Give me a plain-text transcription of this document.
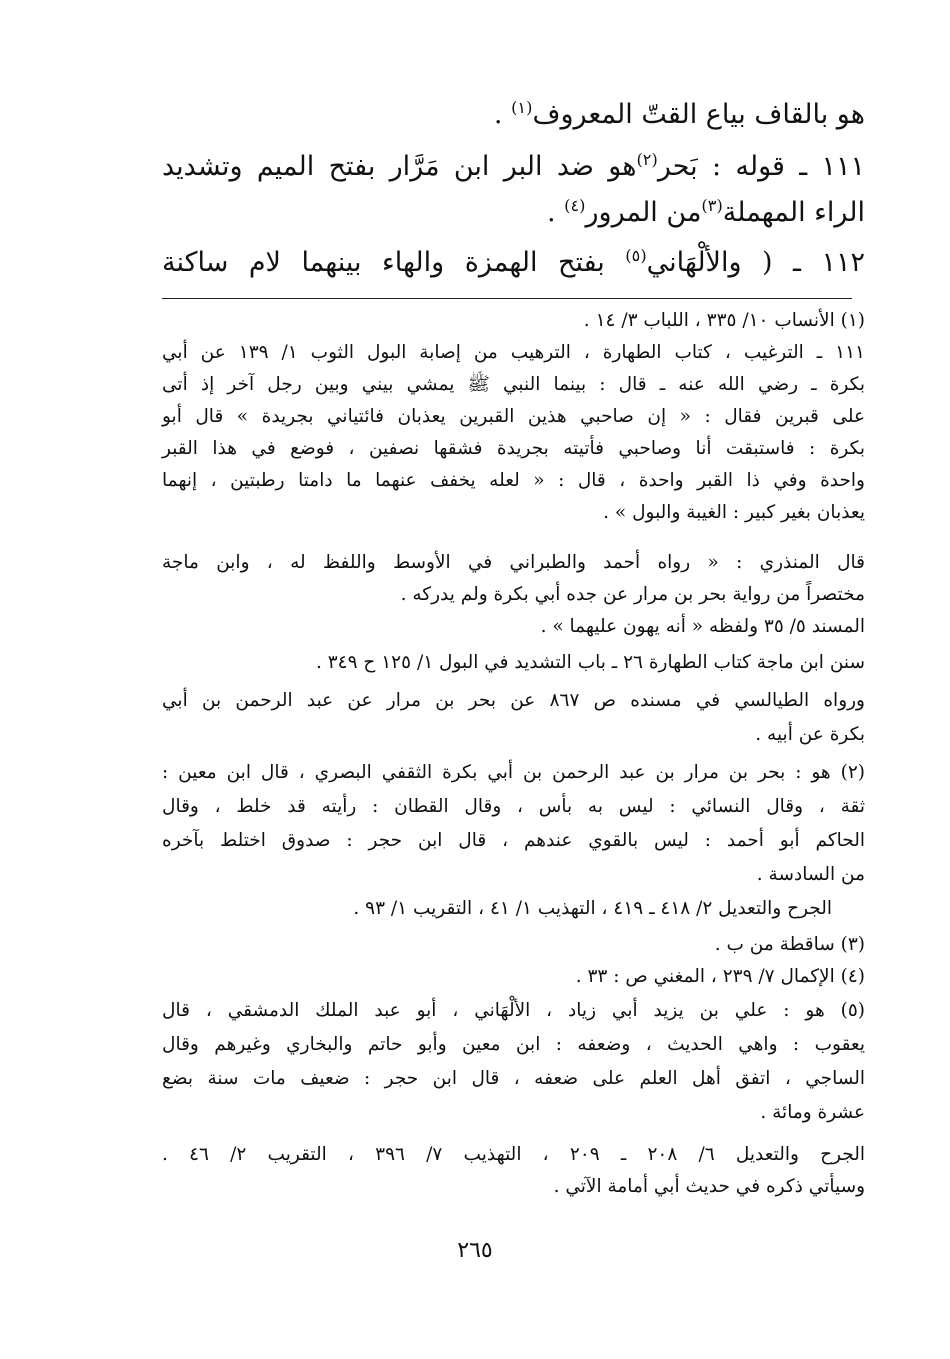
هو بالقاف بياع القتّ المعروف$^{(١)}$ .
١١١ ـ قوله : بَحر$^{(٢)}$هو ضد البر ابن مَرَّار بفتح الميم وتشديد
الراء المهملة$^{(٣)}$من المرور$^{(٤)}$ .
١١٢ ـ ( والألْهَاني$^{(٥)}$ بفتح الهمزة والهاء بينهما لام ساكنة
(١) الأنساب ١٠/ ٣٣٥ ، اللباب ٣/ ١٤ .
١١١ ـ الترغيب ، كتاب الطهارة ، الترهيب من إصابة البول الثوب ١/ ١٣٩ عن أبي
بكرة ـ رضي الله عنه ـ قال : بينما النبي ﷺ يمشي بيني وبين رجل آخر إذ أتى
على قبرين فقال : « إن صاحبي هذين القبرين يعذبان فائتياني بجريدة » قال أبو
بكرة : فاستبقت أنا وصاحبي فأتيته بجريدة فشقها نصفين ، فوضع في هذا القبر
واحدة وفي ذا القبر واحدة ، قال : « لعله يخفف عنهما ما دامتا رطبتين ، إنهما
يعذبان بغير كبير : الغيبة والبول » .
قال المنذري : « رواه أحمد والطبراني في الأوسط واللفظ له ، وابن ماجة
مختصراً من رواية بحر بن مرار عن جده أبي بكرة ولم يدركه .
المسند ٥/ ٣٥ ولفظه « أنه يهون عليهما » .
سنن ابن ماجة كتاب الطهارة ٢٦ ـ باب التشديد في البول ١/ ١٢٥ ح ٣٤٩ .
ورواه الطيالسي في مسنده ص ٨٦٧ عن بحر بن مرار عن عبد الرحمن بن أبي
بكرة عن أبيه .
(٢) هو : بحر بن مرار بن عبد الرحمن بن أبي بكرة الثقفي البصري ، قال ابن معين :
ثقة ، وقال النسائي : ليس به بأس ، وقال القطان : رأيته قد خلط ، وقال
الحاكم أبو أحمد : ليس بالقوي عندهم ، قال ابن حجر : صدوق اختلط بآخره
من السادسة .
الجرح والتعديل ٢/ ٤١٨ ـ ٤١٩ ، التهذيب ١/ ٤١ ، التقريب ١/ ٩٣ .
(٣) ساقطة من ب .
(٤) الإكمال ٧/ ٢٣٩ ، المغني ص : ٣٣ .
(٥) هو : علي بن يزيد أبي زياد ، الألْهَاني ، أبو عبد الملك الدمشقي ، قال
يعقوب : واهي الحديث ، وضعفه : ابن معين وأبو حاتم والبخاري وغيرهم وقال
الساجي ، اتفق أهل العلم على ضعفه ، قال ابن حجر : ضعيف مات سنة بضع
عشرة ومائة .
الجرح والتعديل ٦/ ٢٠٨ ـ ٢٠٩ ، التهذيب ٧/ ٣٩٦ ، التقريب ٢/ ٤٦ .
وسيأتي ذكره في حديث أبي أمامة الآتي .
٢٦٥
